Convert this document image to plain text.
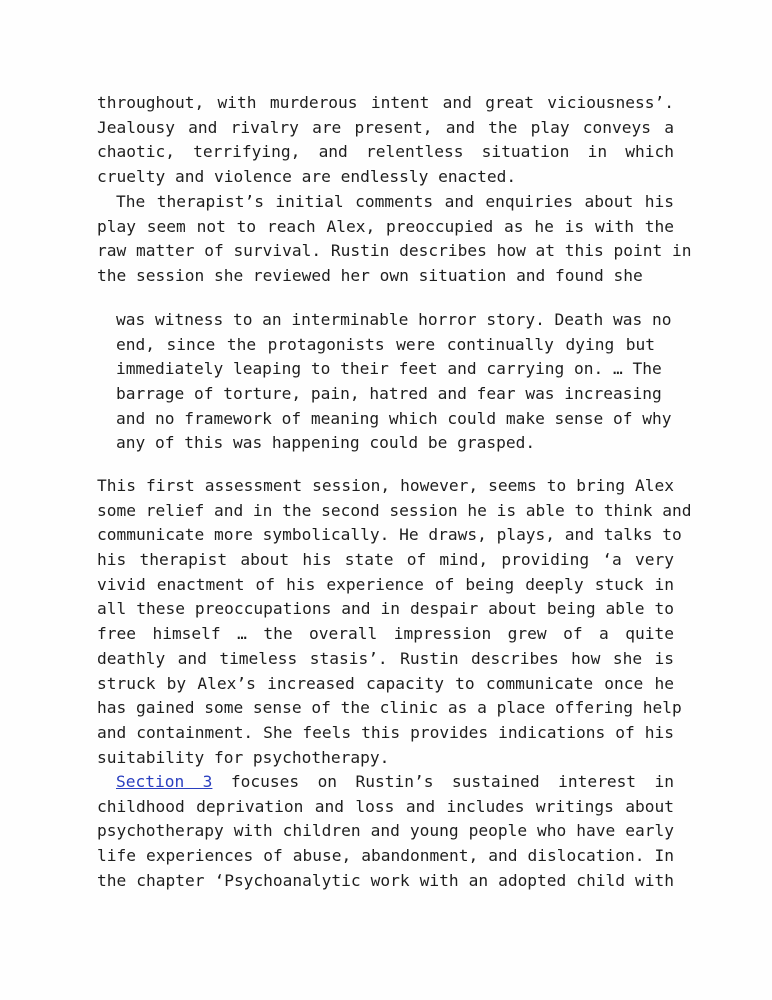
throughout, with murderous intent and great viciousness’.
Jealousy and rivalry are present, and the play conveys a
chaotic, terrifying, and relentless situation in which
cruelty and violence are endlessly enacted.
The therapist’s initial comments and enquiries about his
play seem not to reach Alex, preoccupied as he is with the
raw matter of survival. Rustin describes how at this point in
the session she reviewed her own situation and found she
was witness to an interminable horror story. Death was no
end, since the protagonists were continually dying but
immediately leaping to their feet and carrying on. … The
barrage of torture, pain, hatred and fear was increasing
and no framework of meaning which could make sense of why
any of this was happening could be grasped.
This first assessment session, however, seems to bring Alex
some relief and in the second session he is able to think and
communicate more symbolically. He draws, plays, and talks to
his therapist about his state of mind, providing ‘a very
vivid enactment of his experience of being deeply stuck in
all these preoccupations and in despair about being able to
free himself … the overall impression grew of a quite
deathly and timeless stasis’. Rustin describes how she is
struck by Alex’s increased capacity to communicate once he
has gained some sense of the clinic as a place offering help
and containment. She feels this provides indications of his
suitability for psychotherapy.
Section 3 focuses on Rustin’s sustained interest in
childhood deprivation and loss and includes writings about
psychotherapy with children and young people who have early
life experiences of abuse, abandonment, and dislocation. In
the chapter ‘Psychoanalytic work with an adopted child with
